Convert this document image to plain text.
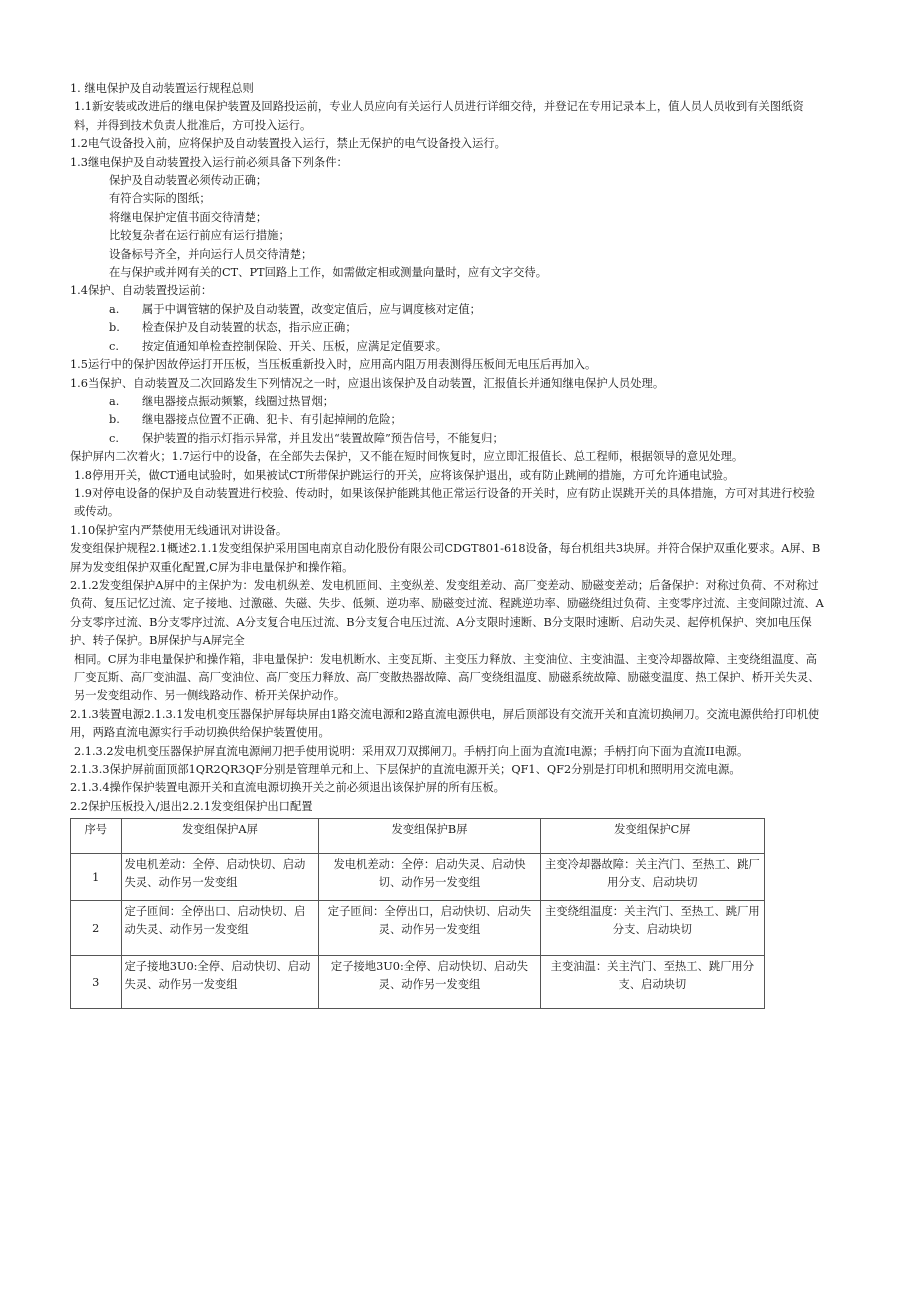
1. 继电保护及自动装置运行规程总则
1.1新安装或改进后的继电保护装置及回路投运前，专业人员应向有关运行人员进行详细交待，并登记在专用记录本上，值人员人员收到有关图纸资料，并得到技术负责人批准后，方可投入运行。
1.2电气设备投入前，应将保护及自动装置投入运行，禁止无保护的电气设备投入运行。
1.3继电保护及自动装置投入运行前必须具备下列条件：
保护及自动装置必须传动正确；
有符合实际的图纸；
将继电保护定值书面交待清楚；
比较复杂者在运行前应有运行措施；
设备标号齐全，并向运行人员交待清楚；
在与保护或并网有关的CT、PT回路上工作，如需做定相或测量向量时，应有文字交待。
1.4保护、自动装置投运前：
a.	属于中调管辖的保护及自动装置，改变定值后，应与调度核对定值；
b.	检查保护及自动装置的状态，指示应正确；
c.	按定值通知单检查控制保险、开关、压板，应满足定值要求。
1.5运行中的保护因故停运打开压板，当压板重新投入时，应用高内阻万用表测得压板间无电压后再加入。
1.6当保护、自动装置及二次回路发生下列情况之一时，应退出该保护及自动装置，汇报值长并通知继电保护人员处理。
a.	继电器接点振动频繁，线圈过热冒烟；
b.	继电器接点位置不正确、犯卡、有引起掉闸的危险；
c.	保护装置的指示灯指示异常，并且发出“装置故障”预告信号，不能复归；
保护屏内二次着火；1.7运行中的设备，在全部失去保护，又不能在短时间恢复时，应立即汇报值长、总工程师，根据领导的意见处理。
1.8停用开关，做CT通电试验时，如果被试CT所带保护跳运行的开关，应将该保护退出，或有防止跳闸的措施，方可允许通电试验。
1.9对停电设备的保护及自动装置进行校验、传动时，如果该保护能跳其他正常运行设备的开关时，应有防止误跳开关的具体措施，方可对其进行校验或传动。
1.10保护室内严禁使用无线通讯对讲设备。
发变组保护规程2.1概述2.1.1发变组保护采用国电南京自动化股份有限公司CDGT801-618设备，每台机组共3块屏。并符合保护双重化要求。A屏、B屏为发变组保护双重化配置,C屏为非电量保护和操作箱。
2.1.2发变组保护A屏中的主保护为：发电机纵差、发电机匝间、主变纵差、发变组差动、高厂变差动、励磁变差动；后备保护：对称过负荷、不对称过负荷、复压记忆过流、定子接地、过激磁、失磁、失步、低频、逆功率、励磁变过流、程跳逆功率、励磁绕组过负荷、主变零序过流、主变间隙过流、A分支零序过流、B分支零序过流、A分支复合电压过流、B分支复合电压过流、A分支限时速断、B分支限时速断、启动失灵、起停机保护、突加电压保护、转子保护。B屏保护与A屏完全
相同。C屏为非电量保护和操作箱，非电量保护：发电机断水、主变瓦斯、主变压力释放、主变油位、主变油温、主变冷却器故障、主变绕组温度、高厂变瓦斯、高厂变油温、高厂变油位、高厂变压力释放、高厂变散热器故障、高厂变绕组温度、励磁系统故障、励磁变温度、热工保护、桥开关失灵、另一发变组动作、另一侧线路动作、桥开关保护动作。
2.1.3装置电源2.1.3.1发电机变压器保护屏每块屏由1路交流电源和2路直流电源供电，屏后顶部设有交流开关和直流切换闸刀。交流电源供给打印机使用，两路直流电源实行手动切换供给保护装置使用。
2.1.3.2发电机变压器保护屏直流电源闸刀把手使用说明：采用双刀双掷闸刀。手柄打向上面为直流I电源；手柄打向下面为直流II电源。
2.1.3.3保护屏前面顶部1QR2QR3QF分别是管理单元和上、下层保护的直流电源开关；QF1、QF2分别是打印机和照明用交流电源。
2.1.3.4操作保护装置电源开关和直流电源切换开关之前必须退出该保护屏的所有压板。
2.2保护压板投入/退出2.2.1发变组保护出口配置
序号	发变组保护A屏	发变组保护B屏	发变组保护C屏
1	发电机差动：全停、启动快切、启动失灵、动作另一发变组	发电机差动：全停：启动失灵、启动快切、动作另一发变组	主变冷却器故障：关主汽门、至热工、跳厂用分支、启动块切
2	定子匝间：全停出口、启动快切、启动失灵、动作另一发变组	定子匝间：全停出口，启动快切、启动失灵、动作另一发变组	主变绕组温度：关主汽门、至热工、跳厂用分支、启动块切
3	定子接地3U0:全停、启动快切、启动失灵、动作另一发变组	定子接地3U0:全停、启动快切、启动失灵、动作另一发变组	主变油温：关主汽门、至热工、跳厂用分支、启动块切
